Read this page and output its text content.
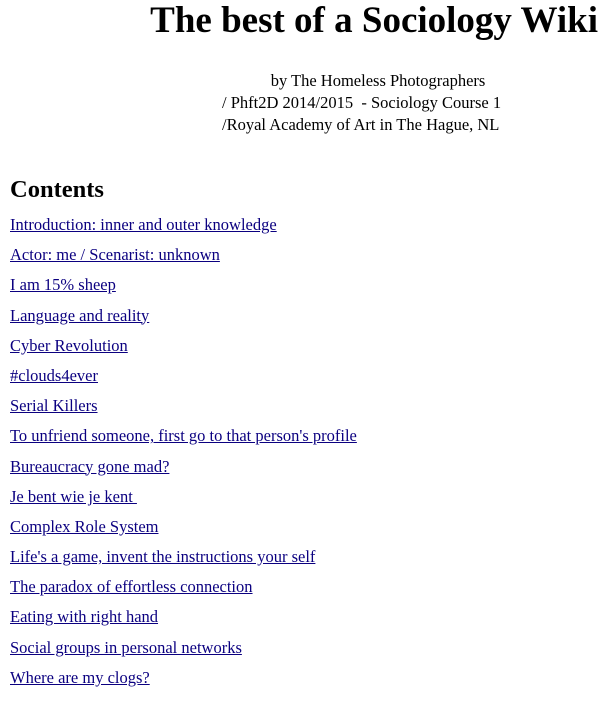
The best of a Sociology Wiki
by The Homeless Photographers
/ Phft2D 2014/2015  - Sociology Course 1
/Royal Academy of Art in The Hague, NL
Contents
Introduction: inner and outer knowledge
Actor: me / Scenarist: unknown
I am 15% sheep
Language and reality
Cyber Revolution
#clouds4ever
Serial Killers
To unfriend someone, first go to that person's profile
Bureaucracy gone mad?
Je bent wie je kent
Complex Role System
Life's a game, invent the instructions your self
The paradox of effortless connection
Eating with right hand
Social groups in personal networks
Where are my clogs?
